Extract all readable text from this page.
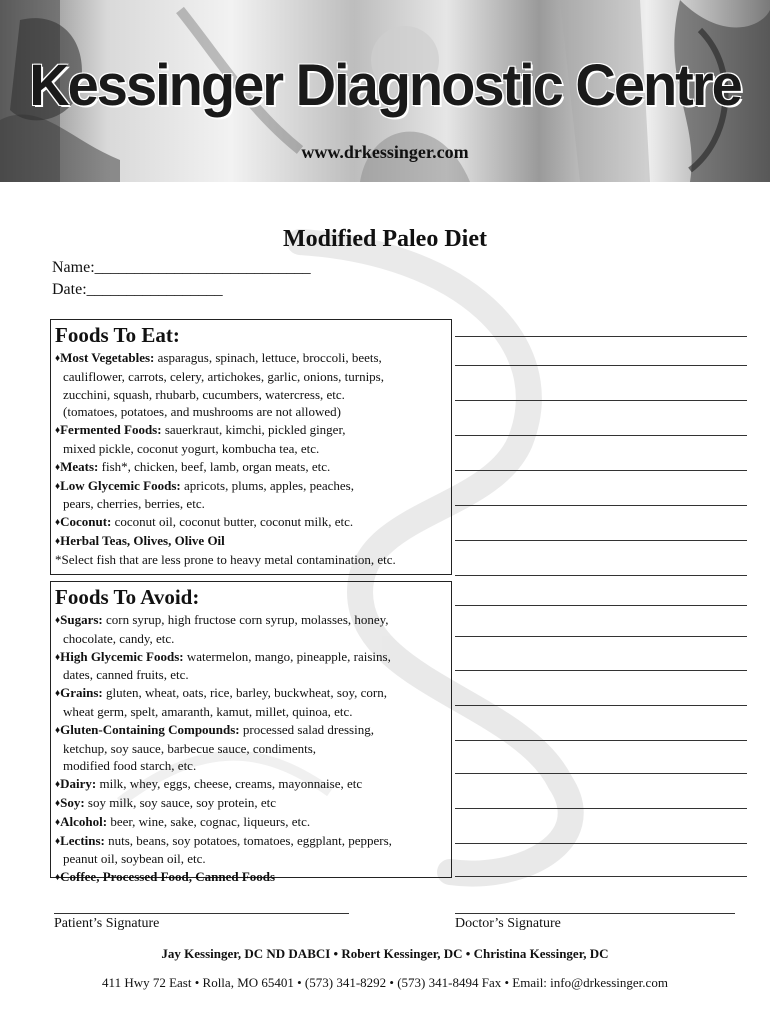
Kessinger Diagnostic Centre
www.drkessinger.com
Modified Paleo Diet
Name:___________________________
Date:_________________
Foods To Eat:
♦Most Vegetables: asparagus, spinach, lettuce, broccoli, beets,
cauliflower, carrots, celery, artichokes, garlic, onions, turnips,
zucchini, squash, rhubarb, cucumbers, watercress, etc.
(tomatoes, potatoes, and mushrooms are not allowed)
♦Fermented Foods: sauerkraut, kimchi, pickled ginger,
mixed pickle, coconut yogurt, kombucha tea, etc.
♦Meats: fish*, chicken, beef, lamb, organ meats, etc.
♦Low Glycemic Foods: apricots, plums, apples, peaches,
pears, cherries, berries, etc.
♦Coconut: coconut oil, coconut butter, coconut milk, etc.
♦Herbal Teas, Olives, Olive Oil
*Select fish that are less prone to heavy metal contamination, etc.
Foods To Avoid:
♦Sugars: corn syrup, high fructose corn syrup, molasses, honey,
chocolate, candy, etc.
♦High Glycemic Foods: watermelon, mango, pineapple, raisins,
dates, canned fruits, etc.
♦Grains: gluten, wheat, oats, rice, barley, buckwheat, soy, corn,
wheat germ, spelt, amaranth, kamut, millet, quinoa, etc.
♦Gluten-Containing Compounds: processed salad dressing,
ketchup, soy sauce, barbecue sauce, condiments,
modified food starch, etc.
♦Dairy: milk, whey, eggs, cheese, creams, mayonnaise, etc
♦Soy: soy milk, soy sauce, soy protein, etc
♦Alcohol: beer, wine, sake, cognac, liqueurs, etc.
♦Lectins: nuts, beans, soy potatoes, tomatoes, eggplant, peppers,
peanut oil, soybean oil, etc.
♦Coffee, Processed Food, Canned Foods
Patient’s Signature	Doctor’s Signature
Jay Kessinger, DC ND DABCI • Robert Kessinger, DC • Christina Kessinger, DC
411 Hwy 72 East • Rolla, MO 65401 • (573) 341-8292 • (573) 341-8494 Fax • Email: info@drkessinger.com
